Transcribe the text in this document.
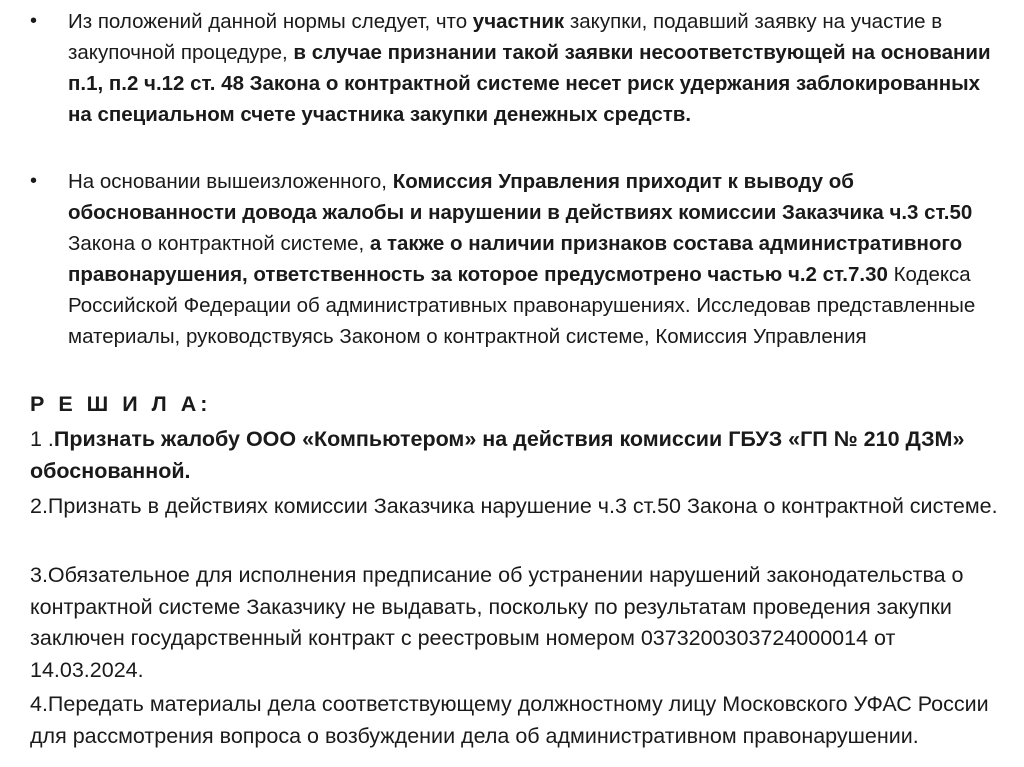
• Из положений данной нормы следует, что участник закупки, подавший заявку на участие в закупочной процедуре, в случае признании такой заявки несоответствующей на основании п.1, п.2 ч.12 ст. 48 Закона о контрактной системе несет риск удержания заблокированных на специальном счете участника закупки денежных средств.
• На основании вышеизложенного, Комиссия Управления приходит к выводу об обоснованности довода жалобы и нарушении в действиях комиссии Заказчика ч.3 ст.50 Закона о контрактной системе, а также о наличии признаков состава административного правонарушения, ответственность за которое предусмотрено частью ч.2 ст.7.30 Кодекса Российской Федерации об административных правонарушениях. Исследовав представленные материалы, руководствуясь Законом о контрактной системе, Комиссия Управления
Р Е Ш И Л А:
1 .Признать жалобу ООО «Компьютером» на действия комиссии ГБУЗ «ГП № 210 ДЗМ» обоснованной.
2.Признать в действиях комиссии Заказчика нарушение ч.3 ст.50 Закона о контрактной системе.
3.Обязательное для исполнения предписание об устранении нарушений законодательства о контрактной системе Заказчику не выдавать, поскольку по результатам проведения закупки заключен государственный контракт с реестровым номером 0373200303724000014 от 14.03.2024.
4.Передать материалы дела соответствующему должностному лицу Московского УФАС России для рассмотрения вопроса о возбуждении дела об административном правонарушении.
